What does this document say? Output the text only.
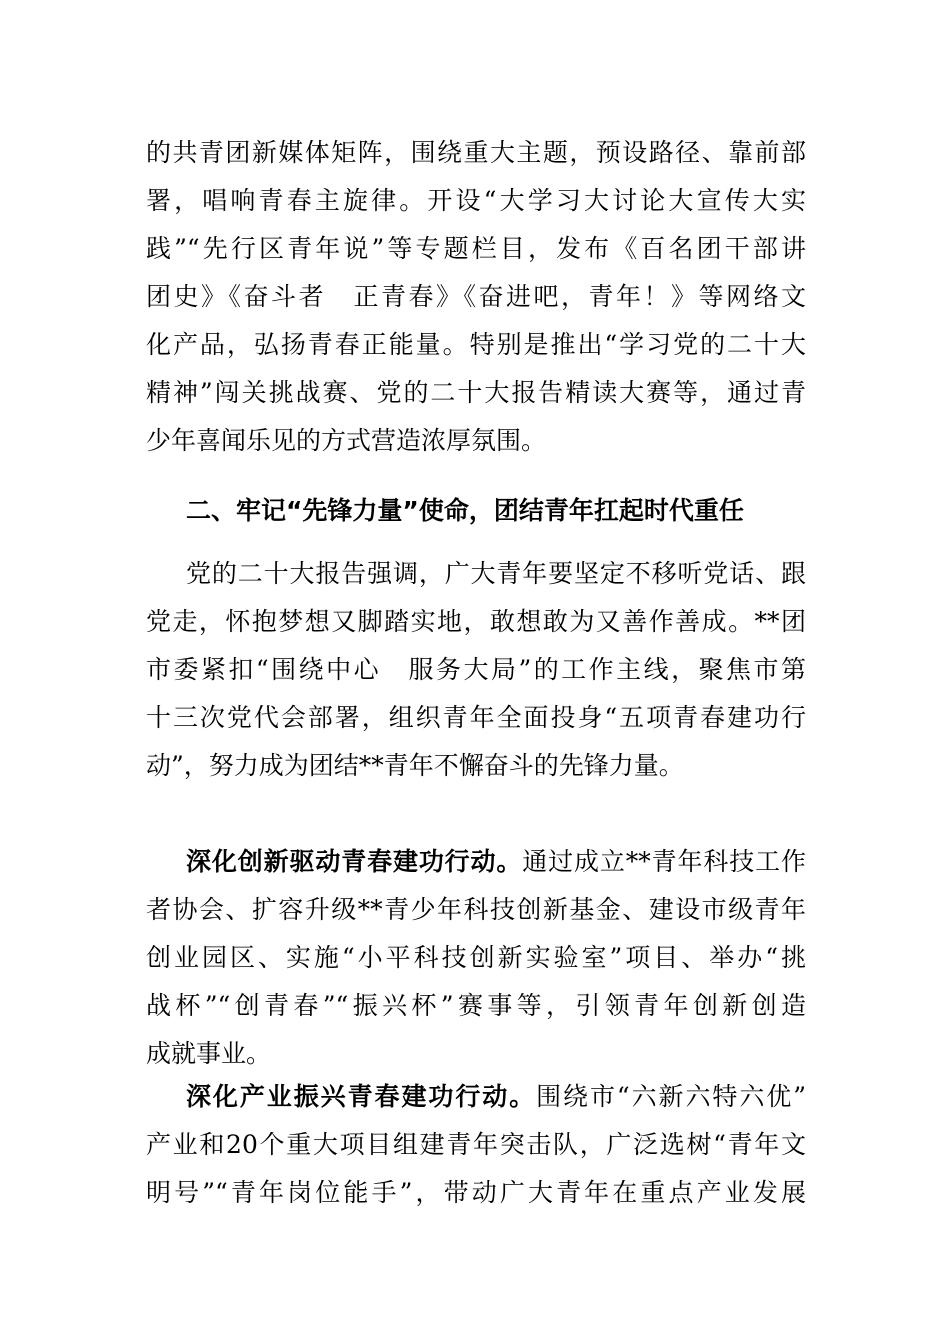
的共青团新媒体矩阵，围绕重大主题，预设路径、靠前部
署，唱响青春主旋律。开设“大学习大讨论大宣传大实
践”“先行区青年说”等专题栏目，发布《百名团干部讲
团史》《奋斗者　正青春》《奋进吧，青年！》等网络文
化产品，弘扬青春正能量。特别是推出“学习党的二十大
精神”闯关挑战赛、党的二十大报告精读大赛等，通过青
少年喜闻乐见的方式营造浓厚氛围。
二、牢记“先锋力量”使命，团结青年扛起时代重任
党的二十大报告强调，广大青年要坚定不移听党话、跟
党走，怀抱梦想又脚踏实地，敢想敢为又善作善成。**团
市委紧扣“围绕中心　服务大局”的工作主线，聚焦市第
十三次党代会部署，组织青年全面投身“五项青春建功行
动”，努力成为团结**青年不懈奋斗的先锋力量。
深化创新驱动青春建功行动。通过成立**青年科技工作
者协会、扩容升级**青少年科技创新基金、建设市级青年
创业园区、实施“小平科技创新实验室”项目、举办“挑
战杯”“创青春”“振兴杯”赛事等，引领青年创新创造
成就事业。
深化产业振兴青春建功行动。围绕市“六新六特六优”
产业和20个重大项目组建青年突击队，广泛选树“青年文
明号”“青年岗位能手”，带动广大青年在重点产业发展
